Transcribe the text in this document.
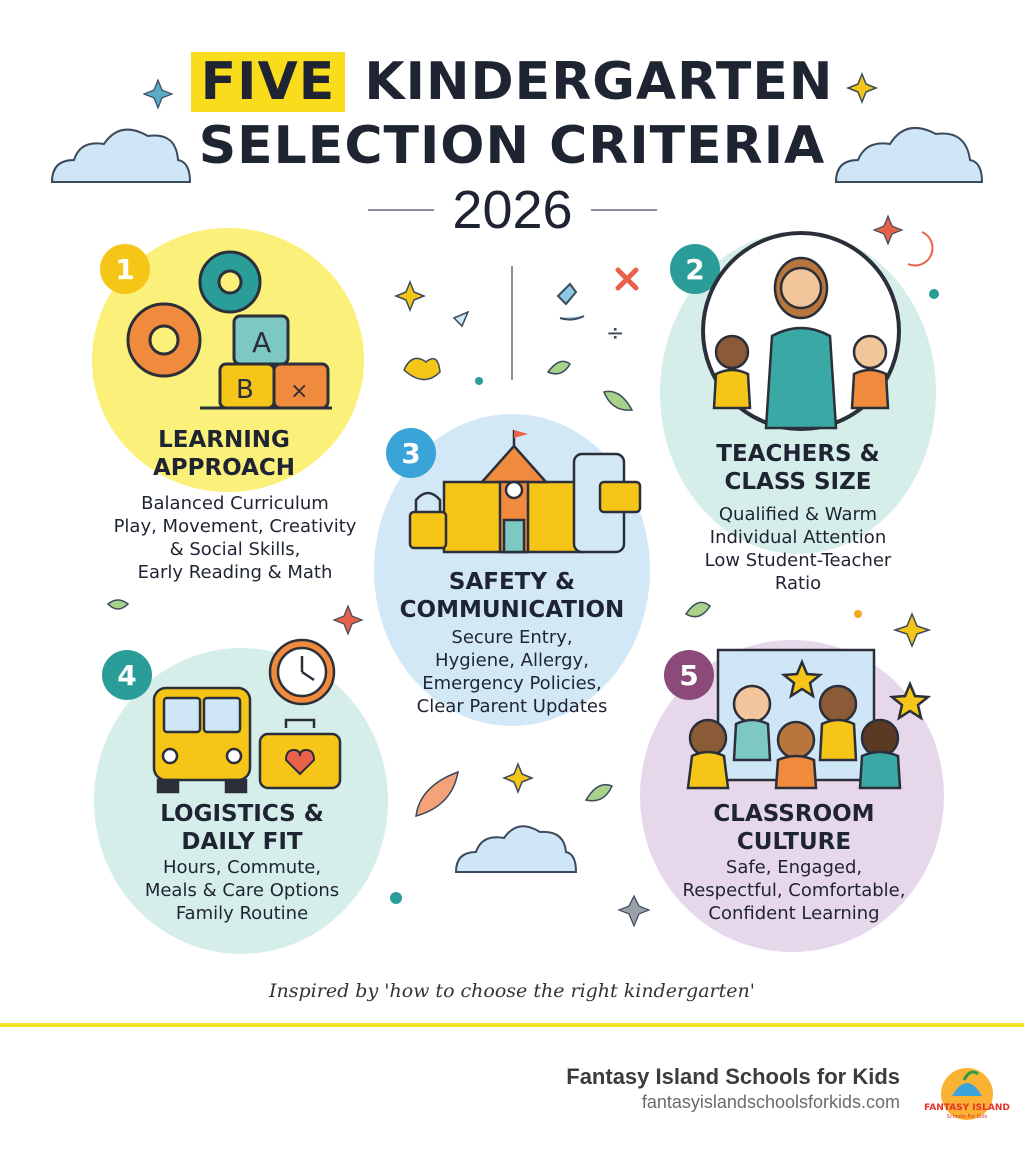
÷
FIVE KINDERGARTEN
SELECTION CRITERIA
2026
1
A
B ×
LEARNING
APPROACH
Balanced Curriculum
Play, Movement, Creativity
& Social Skills,
Early Reading & Math
2
TEACHERS &
CLASS SIZE
Qualified & Warm
Individual Attention
Low Student-Teacher
Ratio
3
SAFETY &
COMMUNICATION
Secure Entry,
Hygiene, Allergy,
Emergency Policies,
Clear Parent Updates
4
LOGISTICS &
DAILY FIT
Hours, Commute,
Meals & Care Options
Family Routine
5
CLASSROOM
CULTURE
Safe, Engaged,
Respectful, Comfortable,
Confident Learning
Inspired by 'how to choose the right kindergarten'
Fantasy Island Schools for Kids
fantasyislandschoolsforkids.com	FANTASY ISLAND
Schools For Kids
